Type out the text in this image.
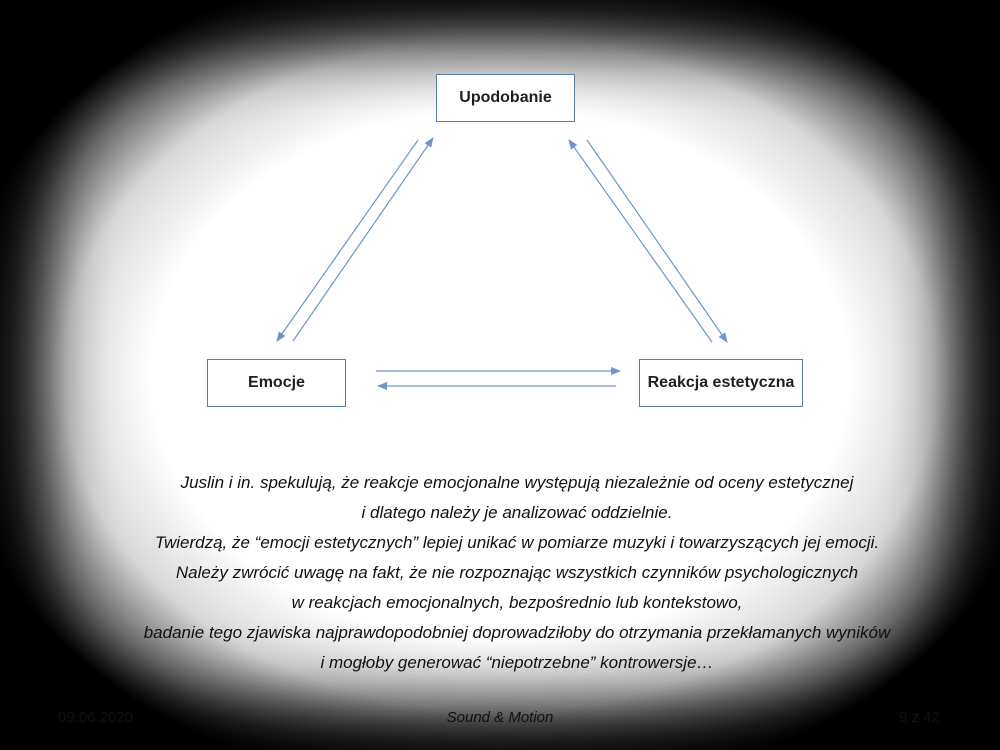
Upodobanie
Emocje	Reakcja estetyczna
Juslin i in. spekulują, że reakcje emocjonalne występują niezależnie od oceny estetycznej
i dlatego należy je analizować oddzielnie.
Twierdzą, że “emocji estetycznych” lepiej unikać w pomiarze muzyki i towarzyszących jej emocji.
Należy zwrócić uwagę na fakt, że nie rozpoznając wszystkich czynników psychologicznych
w reakcjach emocjonalnych, bezpośrednio lub kontekstowo,
badanie tego zjawiska najprawdopodobniej doprowadziłoby do otrzymania przekłamanych wyników
i mogłoby generować “niepotrzebne” kontrowersje…
09.06.2020	Sound & Motion	9 z 42
